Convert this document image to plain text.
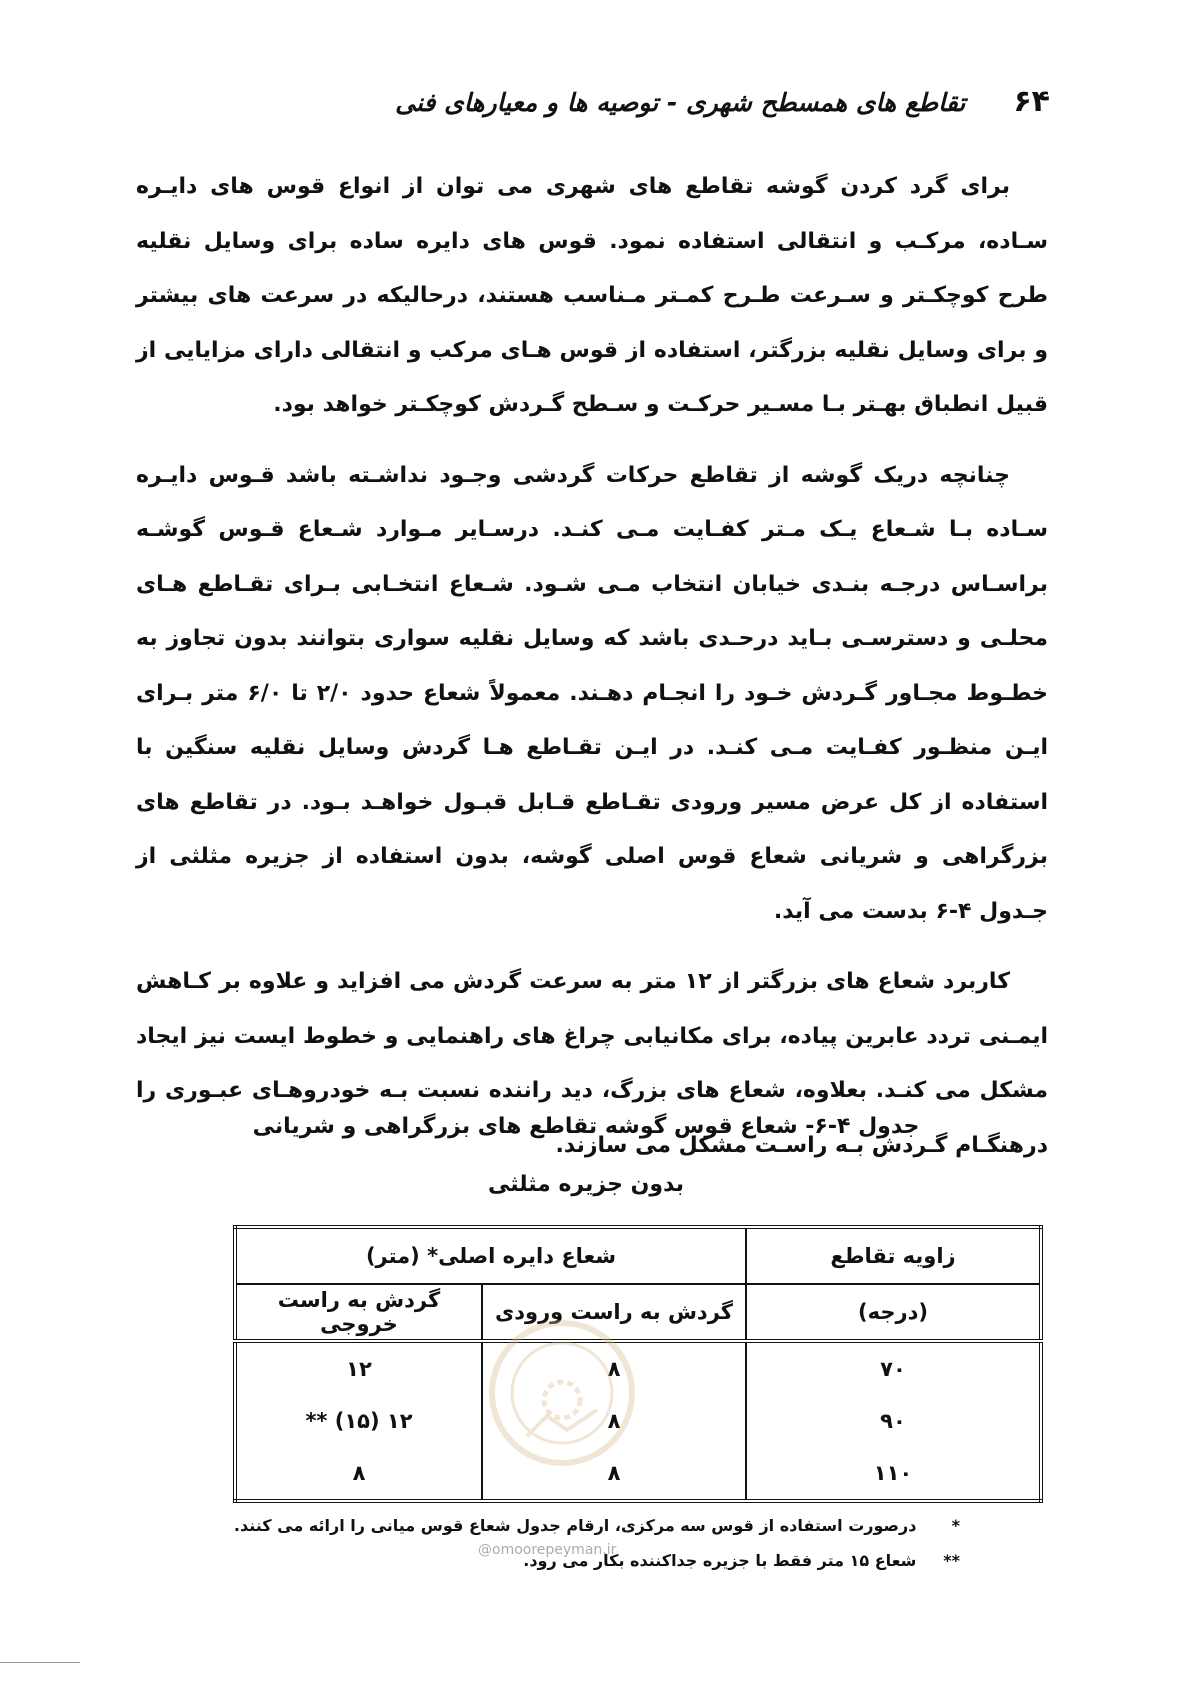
۶۴
تقاطع های همسطح شهری - توصیه ها و معیارهای فنی

برای گرد کردن گوشه تقاطع های شهری می توان از انواع قوس های دایـره سـاده، مرکـب و انتقالی استفاده نمود. قوس های دایره ساده برای وسایل نقلیه طرح کوچکـتر و سـرعت طـرح کمـتر مـناسب هستند، درحالیکه در سرعت های بیشتر و برای وسایل نقلیه بزرگتر، استفاده از قوس هـای مرکب و انتقالی دارای مزایایی از قبیل انطباق بهـتر بـا مسـیر حرکـت و سـطح گـردش کوچکـتر خواهد بود.

چنانچه دریک گوشه از تقاطع حرکات گردشی وجـود نداشـته باشد قـوس دایـره سـاده بـا شـعاع یـک مـتر کفـایت مـی کنـد. درسـایر مـوارد شـعاع قـوس گوشـه براسـاس درجـه بنـدی خیابان انتخاب مـی شـود. شـعاع انتخـابی بـرای تقـاطع هـای محلـی و دسترسـی بـاید درحـدی باشد که وسایل نقلیه سواری بتوانند بدون تجاوز به خطـوط مجـاور گـردش خـود را انجـام دهـند. معمولاً شعاع حدود ۲/۰ تا ۶/۰ متر بـرای ایـن منظـور کفـایت مـی کنـد. در ایـن تقـاطع هـا گردش وسایل نقلیه سنگین با استفاده از کل عرض مسیر ورودی تقـاطع قـابل قبـول خواهـد بـود. در تقاطع های بزرگراهی و شریانی شعاع قوس اصلی گوشه، بدون استفاده از جزیره مثلثی از جـدول ۴-۶ بدست می آید.

کاربرد شعاع های بزرگتر از ۱۲ متر به سرعت گردش می افزاید و علاوه بر کـاهش ایمـنی تردد عابرین پیاده، برای مکانیابی چراغ های راهنمایی و خطوط ایست نیز ایجاد مشکل می کنـد. بعلاوه، شعاع های بزرگ، دید راننده نسبت بـه خودروهـای عبـوری را درهنگـام گـردش بـه راسـت مشکل می سازند.

جدول ۴-۶- شعاع قوس گوشه تقاطع های بزرگراهی و شریانی
بدون جزیره مثلثی
زاویه تقاطع	شعاع دایره اصلی* (متر)	
(درجه)	گردش به راست ورودی	گردش به راست خروجی
۷۰	۸	۱۲
۹۰	۸	۱۲ (۱۵) **
۱۱۰	۸	۸
* درصورت استفاده از قوس سه مرکزی، ارقام جدول شعاع قوس میانی را ارائه می کنند.
** شعاع ۱۵ متر فقط با جزیره جداکننده بکار می رود.
@omoorepeyman.ir
